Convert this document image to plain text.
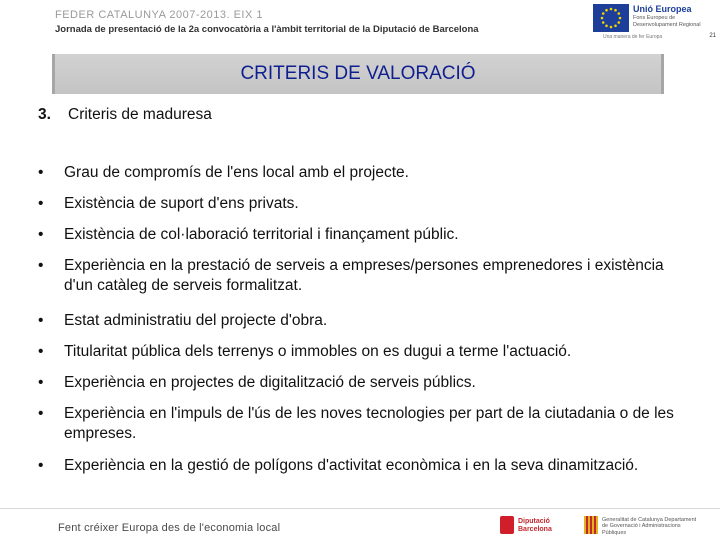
FEDER CATALUNYA 2007-2013. EIX 1
Jornada de presentació de la 2a convocatòria a l'àmbit territorial de la Diputació de Barcelona
Unió Europea
Fons Europeu de Desenvolupament Regional
Una manera de fer Europa	21
CRITERIS DE VALORACIÓ
3. Criteris de maduresa
•	Grau de compromís de l'ens local amb el projecte.
•	Existència de suport d'ens privats.
•	Existència de col·laboració territorial i finançament públic.
•	Experiència en la prestació de serveis a empreses/persones emprenedores i existència d'un catàleg de serveis formalitzat.
•	Estat administratiu del projecte d'obra.
•	Titularitat pública dels terrenys o immobles on es dugui a terme l'actuació.
•	Experiència en projectes de digitalització de serveis públics.
•	Experiència en l'impuls de l'ús de les noves tecnologies per part de la ciutadania o de les empreses.
•	Experiència en la gestió de polígons d'activitat econòmica i en la seva dinamització.
Fent créixer Europa des de l'economia local
Diputació Barcelona
Generalitat de Catalunya Departament de Governació i Administracions Públiques
